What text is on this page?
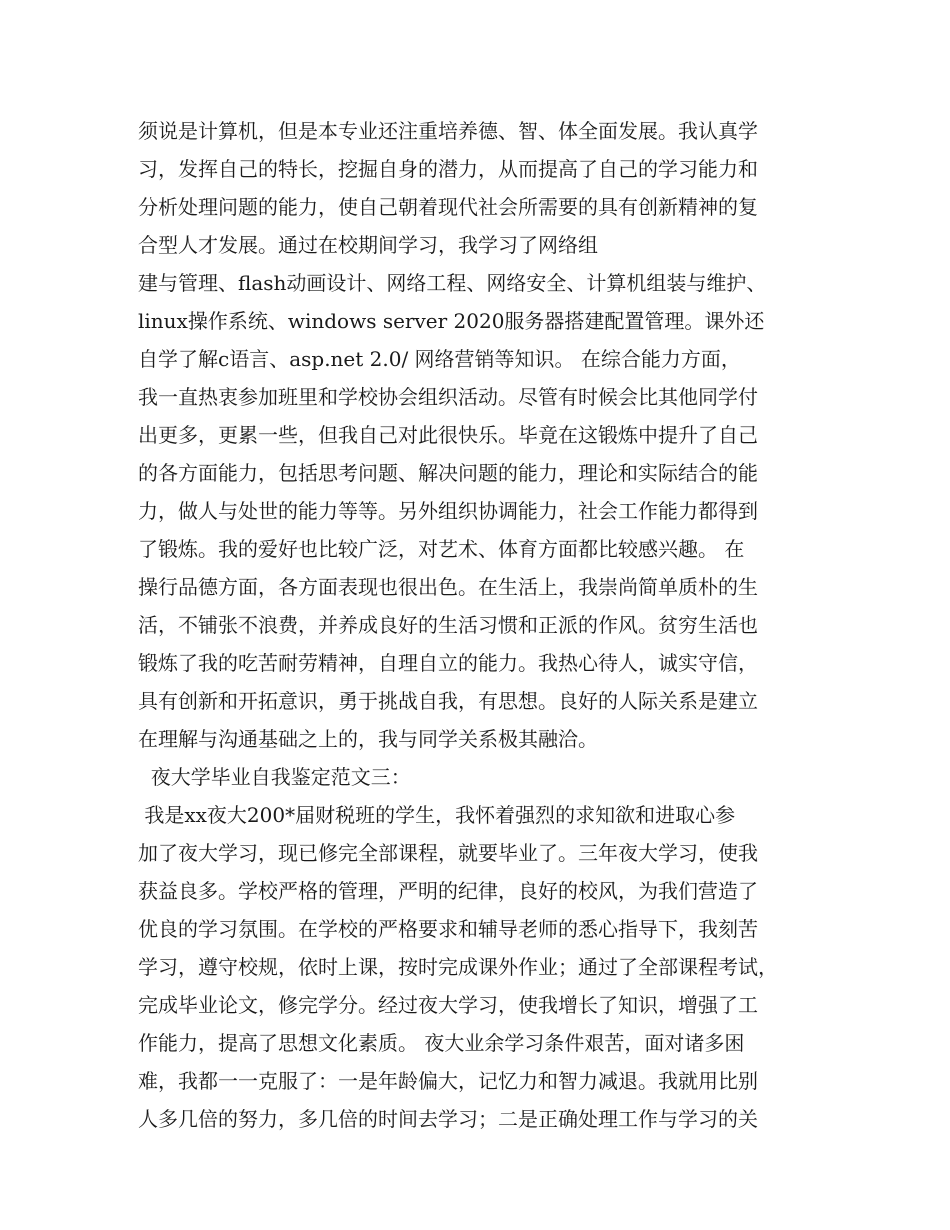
须说是计算机，但是本专业还注重培养德、智、体全面发展。我认真学
习，发挥自己的特长，挖掘自身的潜力，从而提高了自己的学习能力和
分析处理问题的能力，使自己朝着现代社会所需要的具有创新精神的复
合型人才发展。通过在校期间学习，我学习了网络组
建与管理、flash动画设计、网络工程、网络安全、计算机组装与维护、
linux操作系统、windows server 2020服务器搭建配置管理。课外还
自学了解c语言、asp.net 2.0/ 网络营销等知识。 在综合能力方面，
我一直热衷参加班里和学校协会组织活动。尽管有时候会比其他同学付
出更多，更累一些，但我自己对此很快乐。毕竟在这锻炼中提升了自己
的各方面能力，包括思考问题、解决问题的能力，理论和实际结合的能
力，做人与处世的能力等等。另外组织协调能力，社会工作能力都得到
了锻炼。我的爱好也比较广泛，对艺术、体育方面都比较感兴趣。 在
操行品德方面，各方面表现也很出色。在生活上，我崇尚简单质朴的生
活，不铺张不浪费，并养成良好的生活习惯和正派的作风。贫穷生活也
锻炼了我的吃苦耐劳精神，自理自立的能力。我热心待人，诚实守信，
具有创新和开拓意识，勇于挑战自我，有思想。良好的人际关系是建立
在理解与沟通基础之上的，我与同学关系极其融洽。
夜大学毕业自我鉴定范文三：
我是xx夜大200*届财税班的学生，我怀着强烈的求知欲和进取心参
加了夜大学习，现已修完全部课程，就要毕业了。三年夜大学习，使我
获益良多。学校严格的管理，严明的纪律，良好的校风，为我们营造了
优良的学习氛围。在学校的严格要求和辅导老师的悉心指导下，我刻苦
学习，遵守校规，依时上课，按时完成课外作业；通过了全部课程考试，
完成毕业论文，修完学分。经过夜大学习，使我增长了知识，增强了工
作能力，提高了思想文化素质。 夜大业余学习条件艰苦，面对诸多困
难，我都一一克服了：一是年龄偏大，记忆力和智力减退。我就用比别
人多几倍的努力，多几倍的时间去学习；二是正确处理工作与学习的关
